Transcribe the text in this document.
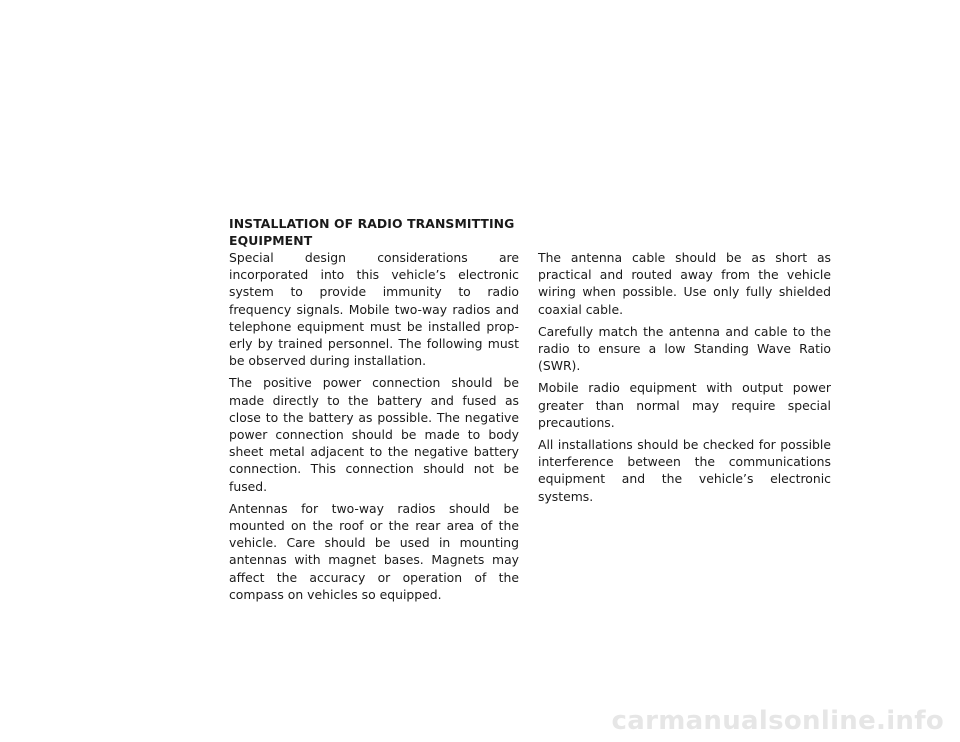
INSTALLATION OF RADIO TRANSMITTING
EQUIPMENT

Special design considerations are incorporated into this vehicle’s electronic system to provide immunity to radio frequency signals. Mobile two-way radios and telephone equipment must be installed properly by trained personnel. The following must be observed during installation.

The positive power connection should be made directly to the battery and fused as close to the battery as possible. The negative power connection should be made to body sheet metal adjacent to the negative battery connection. This connection should not be fused.

Antennas for two-way radios should be mounted on the roof or the rear area of the vehicle. Care should be used in mounting antennas with magnet bases. Magnets may affect the accuracy or operation of the compass on vehicles so equipped.

The antenna cable should be as short as practical and routed away from the vehicle wiring when possible. Use only fully shielded coaxial cable.

Carefully match the antenna and cable to the radio to ensure a low Standing Wave Ratio (SWR).

Mobile radio equipment with output power greater than normal may require special precautions.

All installations should be checked for possible interference between the communications equipment and the vehicle’s electronic systems.

carmanualsonline.info
